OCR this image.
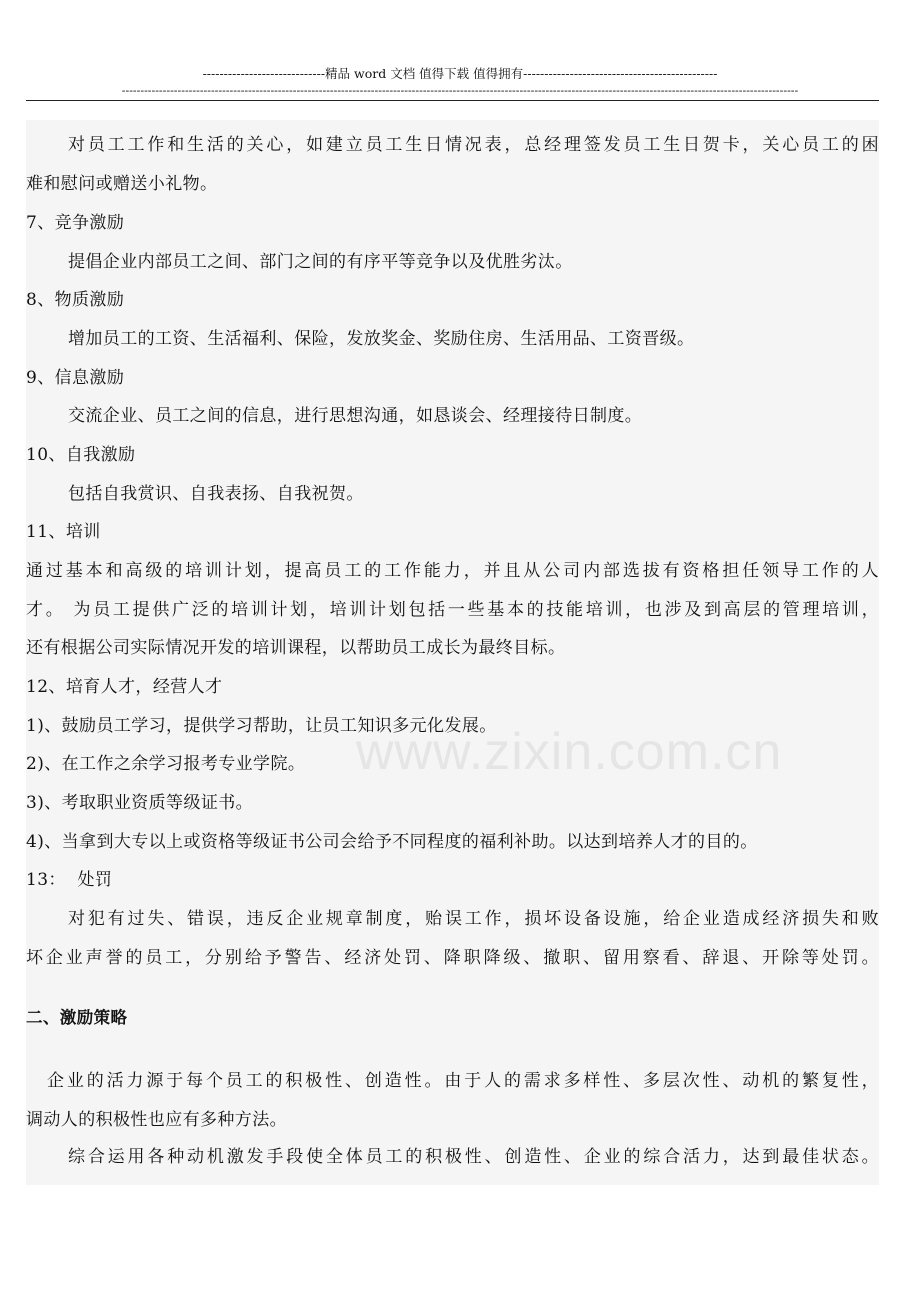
-----------------------------精品 word 文档 值得下载 值得拥有----------------------------------------------
--------------------------------------------------------------------------------------------------------------------------------------------------------------------------------------
www.zixin.com.cn
对员工工作和生活的关心，如建立员工生日情况表，总经理签发员工生日贺卡，关心员工的困
难和慰问或赠送小礼物。
7、竞争激励
提倡企业内部员工之间、部门之间的有序平等竞争以及优胜劣汰。
8、物质激励
增加员工的工资、生活福利、保险，发放奖金、奖励住房、生活用品、工资晋级。
9、信息激励
交流企业、员工之间的信息，进行思想沟通，如恳谈会、经理接待日制度。
10、自我激励
包括自我赏识、自我表扬、自我祝贺。
11、培训
通过基本和高级的培训计划，提高员工的工作能力，并且从公司内部选拔有资格担任领导工作的人
才。 为员工提供广泛的培训计划，培训计划包括一些基本的技能培训，也涉及到高层的管理培训，
还有根据公司实际情况开发的培训课程，以帮助员工成长为最终目标。
12、培育人才，经营人才
1)、鼓励员工学习，提供学习帮助，让员工知识多元化发展。
2)、在工作之余学习报考专业学院。
3)、考取职业资质等级证书。
4)、当拿到大专以上或资格等级证书公司会给予不同程度的福利补助。以达到培养人才的目的。
13：  处罚
对犯有过失、错误，违反企业规章制度，贻误工作，损坏设备设施，给企业造成经济损失和败
坏企业声誉的员工，分别给予警告、经济处罚、降职降级、撤职、留用察看、辞退、开除等处罚。
二、激励策略
企业的活力源于每个员工的积极性、创造性。由于人的需求多样性、多层次性、动机的繁复性，
调动人的积极性也应有多种方法。
综合运用各种动机激发手段使全体员工的积极性、创造性、企业的综合活力，达到最佳状态。
